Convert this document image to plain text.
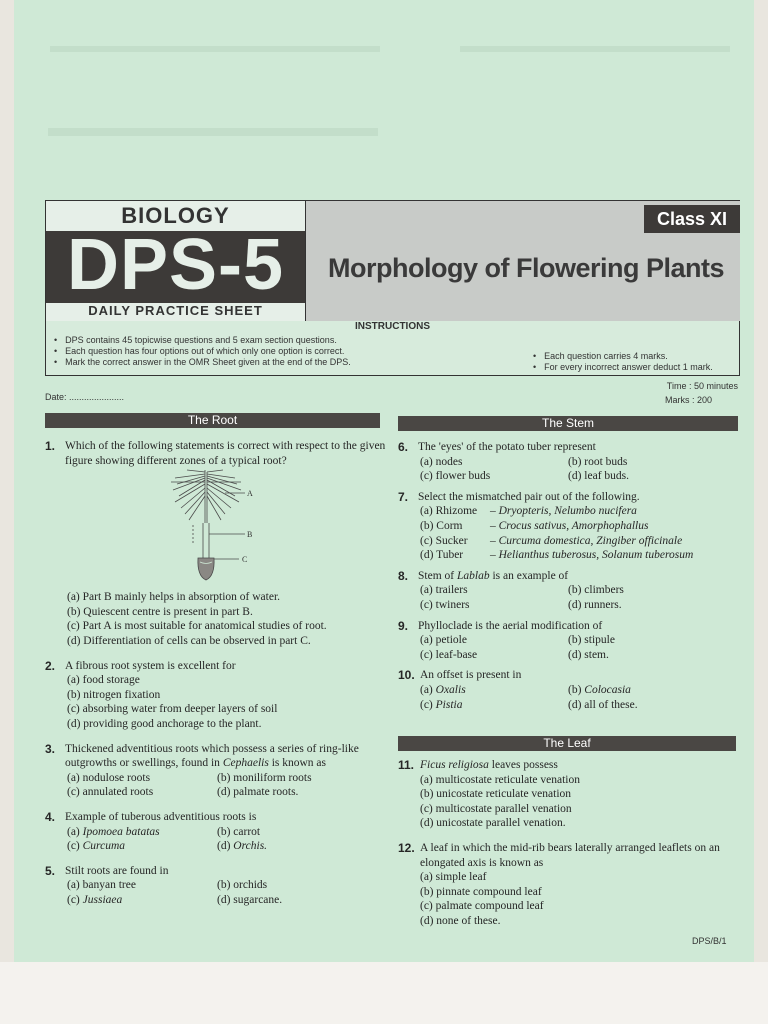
BIOLOGY
DPS-5
DAILY PRACTICE SHEET
Class XI
Morphology of Flowering Plants
INSTRUCTIONS
• DPS contains 45 topicwise questions and 5 exam section questions.
• Each question has four options out of which only one option is correct.
• Mark the correct answer in the OMR Sheet given at the end of the DPS.
• Each question carries 4 marks.
• For every incorrect answer deduct 1 mark.
Date: ......................
Time : 50 minutes
Marks : 200
The Root	The Stem
The Leaf
1. Which of the following statements is correct with respect to the given figure showing different zones of a typical root?
A
B
C
(a) Part B mainly helps in absorption of water.
(b) Quiescent centre is present in part B.
(c) Part A is most suitable for anatomical studies of root.
(d) Differentiation of cells can be observed in part C.
2. A fibrous root system is excellent for
(a) food storage
(b) nitrogen fixation
(c) absorbing water from deeper layers of soil
(d) providing good anchorage to the plant.
3. Thickened adventitious roots which possess a series of ring-like outgrowths or swellings, found in Cephaelis is known as
(a) nodulose roots	(b) moniliform roots
(c) annulated roots	(d) palmate roots.
4. Example of tuberous adventitious roots is
(a) Ipomoea batatas	(b) carrot
(c) Curcuma	(d) Orchis.
5. Stilt roots are found in
(a) banyan tree	(b) orchids
(c) Jussiaea	(d) sugarcane.
6. The 'eyes' of the potato tuber represent
(a) nodes	(b) root buds
(c) flower buds	(d) leaf buds.
7. Select the mismatched pair out of the following.
(a) Rhizome	– Dryopteris, Nelumbo nucifera
(b) Corm	– Crocus sativus, Amorphophallus
(c) Sucker	– Curcuma domestica, Zingiber officinale
(d) Tuber	– Helianthus tuberosus, Solanum tuberosum
8. Stem of Lablab is an example of
(a) trailers	(b) climbers
(c) twiners	(d) runners.
9. Phylloclade is the aerial modification of
(a) petiole	(b) stipule
(c) leaf-base	(d) stem.
10. An offset is present in
(a) Oxalis	(b) Colocasia
(c) Pistia	(d) all of these.
11. Ficus religiosa leaves possess
(a) multicostate reticulate venation
(b) unicostate reticulate venation
(c) multicostate parallel venation
(d) unicostate parallel venation.
12. A leaf in which the mid-rib bears laterally arranged leaflets on an elongated axis is known as
(a) simple leaf
(b) pinnate compound leaf
(c) palmate compound leaf
(d) none of these.
DPS/B/1
